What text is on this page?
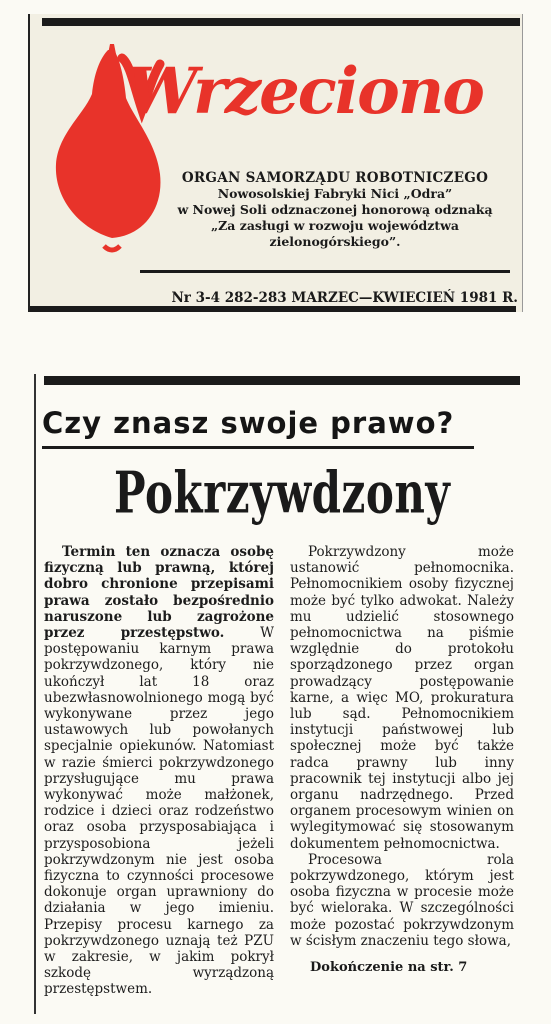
Wrzeciono
ORGAN SAMORZĄDU ROBOTNICZEGO
Nowosolskiej Fabryki Nici „Odra”
w Nowej Soli odznaczonej honorową odznaką
„Za zasługi w rozwoju województwa
zielonogórskiego”.
Nr 3-4 282-283 MARZEC—KWIECIEŃ 1981 R.
Czy znasz swoje prawo?
Pokrzywdzony

Termin ten oznacza osobę fizyczną lub prawną, której dobro chronione przepisami prawa zostało bezpośrednio naruszone lub zagrożone przez przestępstwo.	W postępowaniu karnym prawa pokrzywdzonego, który nie ukończył lat 18 oraz ubezwłasnowolnionego mogą być wykonywane przez jego ustawowych lub powołanych specjalnie opiekunów. Natomiast w razie śmierci pokrzywdzonego przysługujące mu prawa wykonywać może małżonek, rodzice i dzieci oraz rodzeństwo oraz osoba przysposabiająca i przysposobiona jeżeli pokrzywdzonym nie jest osoba fizyczna to czynności procesowe dokonuje organ uprawniony do działania w jego imieniu. Przepisy procesu karnego za pokrzywdzonego uznają też PZU w zakresie, w jakim pokrył szkodę wyrządzoną przestępstwem.

Pokrzywdzony może ustanowić pełnomocnika. Pełnomocnikiem osoby fizycznej może być tylko adwokat. Należy mu udzielić stosownego pełnomocnictwa na piśmie względnie do protokołu sporządzonego przez organ prowadzący postępowanie karne, a więc MO, prokuratura lub sąd. Pełnomocnikiem instytucji państwowej lub społecznej może być także radca prawny lub inny pracownik tej instytucji albo jej organu nadrzędnego. Przed organem procesowym winien on wylegitymować się stosowanym dokumentem pełnomocnictwa.

Procesowa rola pokrzywdzonego, którym jest osoba fizyczna w procesie może być wieloraka. W szczególności może pozostać pokrzywdzonym w ścisłym znaczeniu tego słowa,

Dokończenie na str. 7
